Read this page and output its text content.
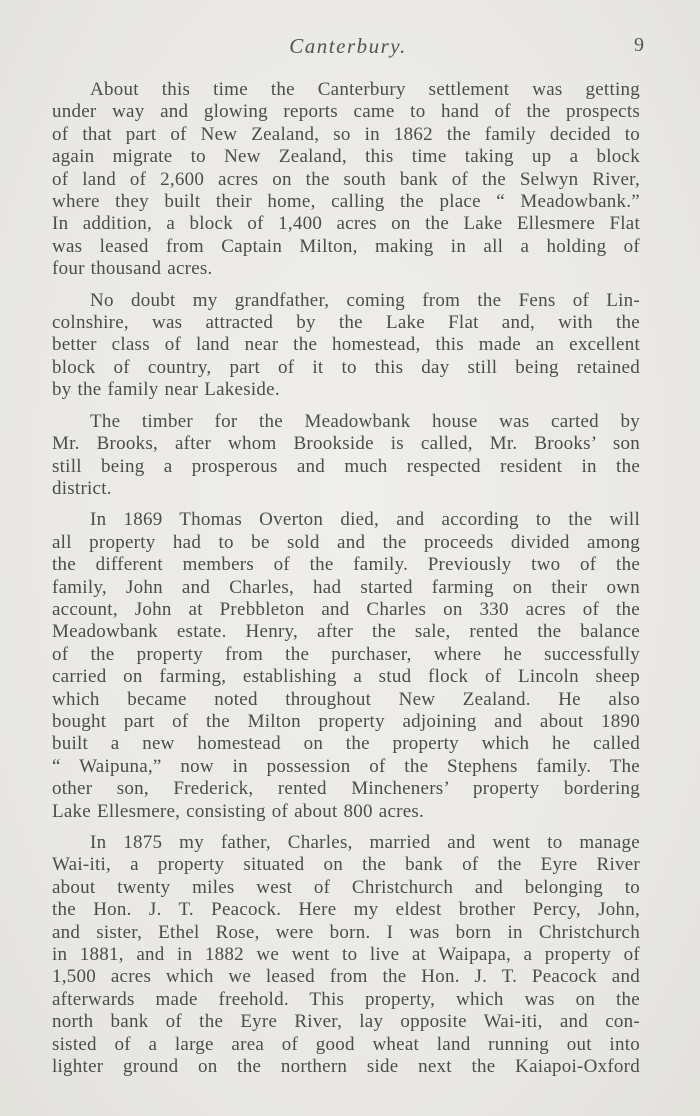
Canterbury.	9

About this time the Canterbury settlement was getting
under way and glowing reports came to hand of the prospects
of that part of New Zealand, so in 1862 the family decided to
again migrate to New Zealand, this time taking up a block
of land of 2,600 acres on the south bank of the Selwyn River,
where they built their home, calling the place “ Meadowbank.”
In addition, a block of 1,400 acres on the Lake Ellesmere Flat
was leased from Captain Milton, making in all a holding of
four thousand acres.

No doubt my grandfather, coming from the Fens of Lin-
colnshire, was attracted by the Lake Flat and, with the
better class of land near the homestead, this made an excellent
block of country, part of it to this day still being retained
by the family near Lakeside.

The timber for the Meadowbank house was carted by
Mr. Brooks, after whom Brookside is called, Mr. Brooks’ son
still being a prosperous and much respected resident in the
district.

In 1869 Thomas Overton died, and according to the will
all property had to be sold and the proceeds divided among
the different members of the family. Previously two of the
family, John and Charles, had started farming on their own
account, John at Prebbleton and Charles on 330 acres of the
Meadowbank estate. Henry, after the sale, rented the balance
of the property from the purchaser, where he successfully
carried on farming, establishing a stud flock of Lincoln sheep
which became noted throughout New Zealand. He also
bought part of the Milton property adjoining and about 1890
built a new homestead on the property which he called
“ Waipuna,” now in possession of the Stephens family. The
other son, Frederick, rented Mincheners’ property bordering
Lake Ellesmere, consisting of about 800 acres.

In 1875 my father, Charles, married and went to manage
Wai-iti, a property situated on the bank of the Eyre River
about twenty miles west of Christchurch and belonging to
the Hon. J. T. Peacock. Here my eldest brother Percy, John,
and sister, Ethel Rose, were born. I was born in Christchurch
in 1881, and in 1882 we went to live at Waipapa, a property of
1,500 acres which we leased from the Hon. J. T. Peacock and
afterwards made freehold. This property, which was on the
north bank of the Eyre River, lay opposite Wai-iti, and con-
sisted of a large area of good wheat land running out into
lighter ground on the northern side next the Kaiapoi-Oxford
